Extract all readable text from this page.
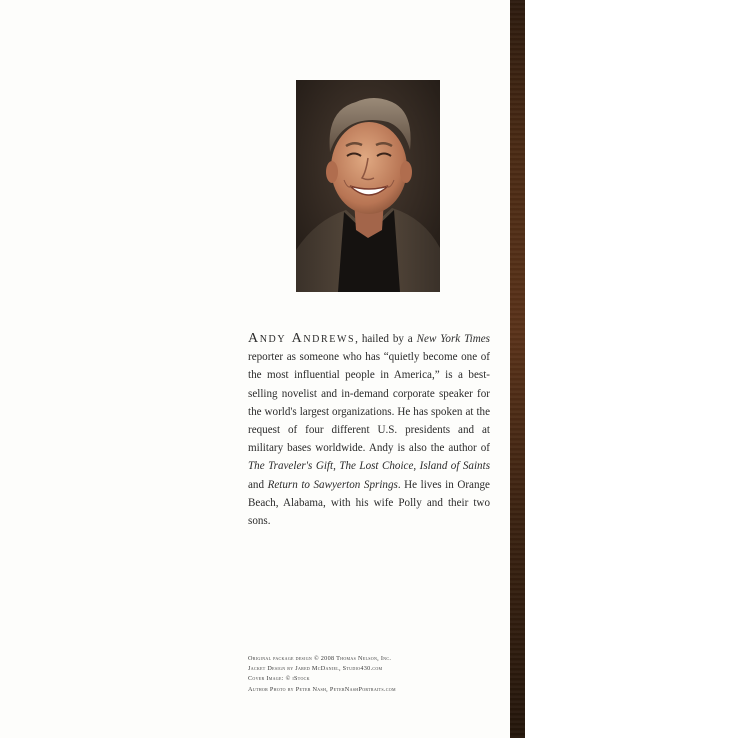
Andy Andrews, hailed by a New York Times reporter as someone who has “quietly become one of the most influential people in America,” is a best-selling novelist and in-demand corporate speaker for the world's largest organizations. He has spoken at the request of four different U.S. presidents and at military bases worldwide. Andy is also the author of The Traveler's Gift, The Lost Choice, Island of Saints and Return to Sawyerton Springs. He lives in Orange Beach, Alabama, with his wife Polly and their two sons.
Original package design © 2008 Thomas Nelson, Inc.
Jacket Design by Jared McDaniel, Studio430.com
Cover Image: © iStock
Author Photo by Peter Nash, PeterNashPortraits.com
